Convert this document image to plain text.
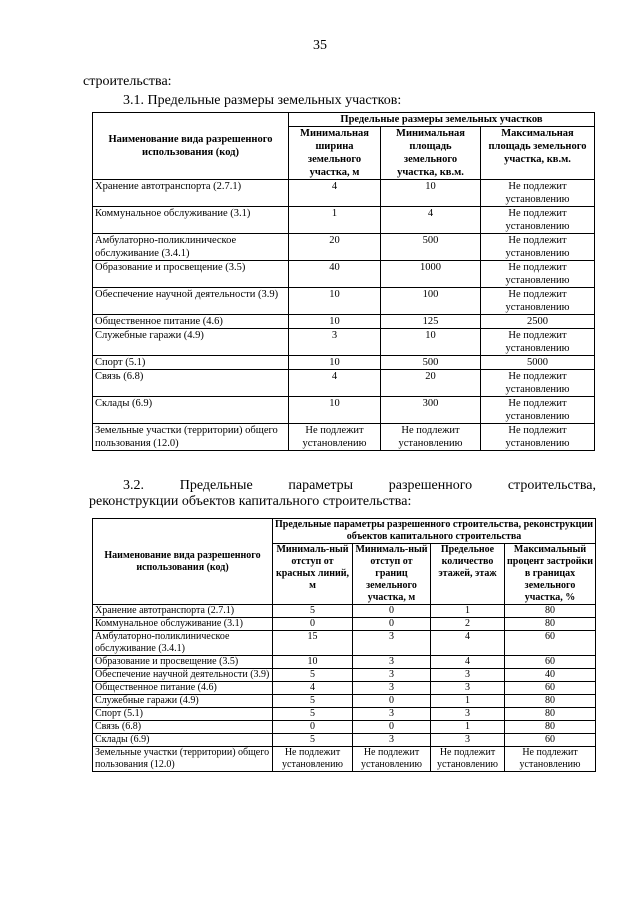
35
строительства:
3.1. Предельные размеры земельных участков:
Наименование вида разрешенного использования (код)	Предельные размеры земельных участков		
	Минимальная ширина земельного участка, м	Минимальная площадь земельного участка, кв.м.	Максимальная площадь земельного участка, кв.м.
Хранение автотранспорта (2.7.1)	4	10	Не подлежит установлению
Коммунальное обслуживание (3.1)	1	4	Не подлежит установлению
Амбулаторно-поликлиническое обслуживание (3.4.1)	20	500	Не подлежит установлению
Образование и просвещение (3.5)	40	1000	Не подлежит установлению
Обеспечение научной деятельности (3.9)	10	100	Не подлежит установлению
Общественное питание (4.6)	10	125	2500
Служебные гаражи (4.9)	3	10	Не подлежит установлению
Спорт (5.1)	10	500	5000
Связь (6.8)	4	20	Не подлежит установлению
Склады (6.9)	10	300	Не подлежит установлению
Земельные участки (территории) общего пользования (12.0)	Не подлежит установлению	Не подлежит установлению	Не подлежит установлению
3.2.	Предельные	параметры	разрешенного	строительства,
реконструкции объектов капитального строительства:
Наименование вида разрешенного использования (код)	Предельные параметры разрешенного строительства, реконструкции объектов капитального строительства			
	Минималь-ный отступ от красных линий, м	Минималь-ный отступ от границ земельного участка, м	Предельное количество этажей, этаж	Максимальный процент застройки в границах земельного участка, %
Хранение автотранспорта (2.7.1)	5	0	1	80
Коммунальное обслуживание (3.1)	0	0	2	80
Амбулаторно-поликлиническое обслуживание (3.4.1)	15	3	4	60
Образование и просвещение (3.5)	10	3	4	60
Обеспечение научной деятельности (3.9)	5	3	3	40
Общественное питание (4.6)	4	3	3	60
Служебные гаражи (4.9)	5	0	1	80
Спорт (5.1)	5	3	3	80
Связь (6.8)	0	0	1	80
Склады (6.9)	5	3	3	60
Земельные участки (территории) общего пользования (12.0)	Не подлежит установлению	Не подлежит установлению	Не подлежит установлению	Не подлежит установлению
